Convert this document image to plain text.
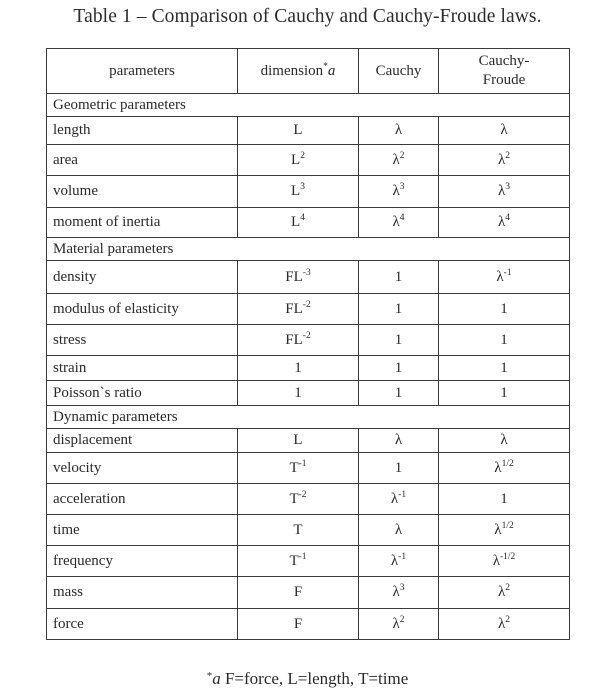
Table 1 – Comparison of Cauchy and Cauchy-Froude laws.
parameters	dimension*a	Cauchy	Cauchy-
Froude
Geometric parameters			
length	L	λ	λ
area	$L^2$	$\lambda^2$	$\lambda^2$
volume	$L^3$	$\lambda^3$	$\lambda^3$
moment of inertia	$L^4$	$\lambda^4$	$\lambda^4$
Material parameters			
density	$FL^{-3}$	1	$\lambda^{-1}$
modulus of elasticity	$FL^{-2}$	1	1
stress	$FL^{-2}$	1	1
strain	1	1	1
Poisson`s ratio	1	1	1
Dynamic parameters			
displacement	L	λ	λ
velocity	$T^{-1}$	1	$\lambda^{1/2}$
acceleration	$T^{-2}$	$\lambda^{-1}$	1
time	T	λ	$\lambda^{1/2}$
frequency	$T^{-1}$	$\lambda^{-1}$	$\lambda^{-1/2}$
mass	F	$\lambda^3$	$\lambda^2$
force	F	$\lambda^2$	$\lambda^2$
*a F=force, L=length, T=time
